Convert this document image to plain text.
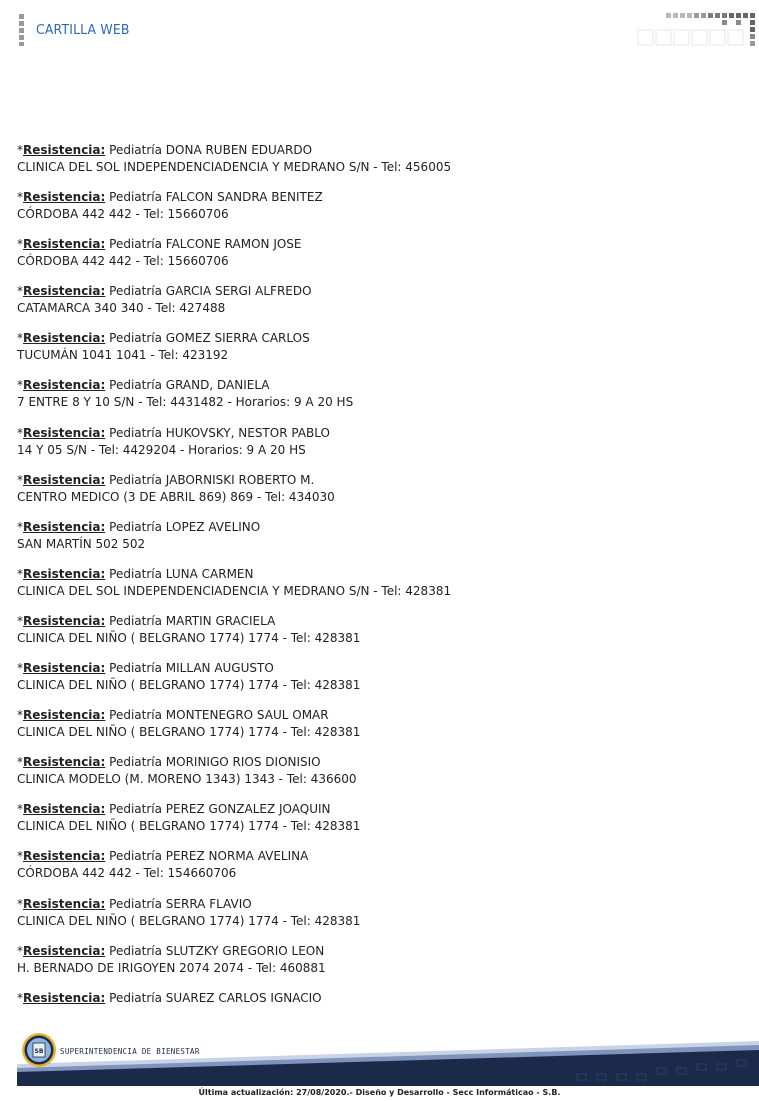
CARTILLA WEB
*Resistencia: Pediatría DONA RUBEN EDUARDO
CLINICA DEL SOL INDEPENDENCIADENCIA Y MEDRANO S/N - Tel: 456005
*Resistencia: Pediatría FALCON SANDRA BENITEZ
CÓRDOBA 442 442 - Tel: 15660706
*Resistencia: Pediatría FALCONE RAMON JOSE
CÓRDOBA 442 442 - Tel: 15660706
*Resistencia: Pediatría GARCIA SERGI ALFREDO
CATAMARCA 340 340 - Tel: 427488
*Resistencia: Pediatría GOMEZ SIERRA CARLOS
TUCUMÁN 1041 1041 - Tel: 423192
*Resistencia: Pediatría GRAND, DANIELA
7 ENTRE 8 Y 10 S/N - Tel: 4431482 - Horarios: 9 A 20 HS
*Resistencia: Pediatría HUKOVSKY, NESTOR PABLO
14 Y 05 S/N - Tel: 4429204 - Horarios: 9 A 20 HS
*Resistencia: Pediatría JABORNISKI ROBERTO M.
CENTRO MEDICO (3 DE ABRIL 869) 869 - Tel: 434030
*Resistencia: Pediatría LOPEZ AVELINO
SAN MARTÍN 502 502
*Resistencia: Pediatría LUNA CARMEN
CLINICA DEL SOL INDEPENDENCIADENCIA Y MEDRANO S/N - Tel: 428381
*Resistencia: Pediatría MARTIN GRACIELA
CLINICA DEL NIÑO ( BELGRANO 1774) 1774 - Tel: 428381
*Resistencia: Pediatría MILLAN AUGUSTO
CLINICA DEL NIÑO ( BELGRANO 1774) 1774 - Tel: 428381
*Resistencia: Pediatría MONTENEGRO SAUL OMAR
CLINICA DEL NIÑO ( BELGRANO 1774) 1774 - Tel: 428381
*Resistencia: Pediatría MORINIGO RIOS DIONISIO
CLINICA MODELO (M. MORENO 1343) 1343 - Tel: 436600
*Resistencia: Pediatría PEREZ GONZALEZ JOAQUIN
CLINICA DEL NIÑO ( BELGRANO 1774) 1774 - Tel: 428381
*Resistencia: Pediatría PEREZ NORMA AVELINA
CÓRDOBA 442 442 - Tel: 154660706
*Resistencia: Pediatría SERRA FLAVIO
CLINICA DEL NIÑO ( BELGRANO 1774) 1774 - Tel: 428381
*Resistencia: Pediatría SLUTZKY GREGORIO LEON
H. BERNADO DE IRIGOYEN 2074 2074 - Tel: 460881
*Resistencia: Pediatría SUAREZ CARLOS IGNACIO
SB SUPERINTENDENCIA DE BIENESTAR
Última actualización: 27/08/2020.- Diseño y Desarrollo - Secc Informáticao - S.B.
